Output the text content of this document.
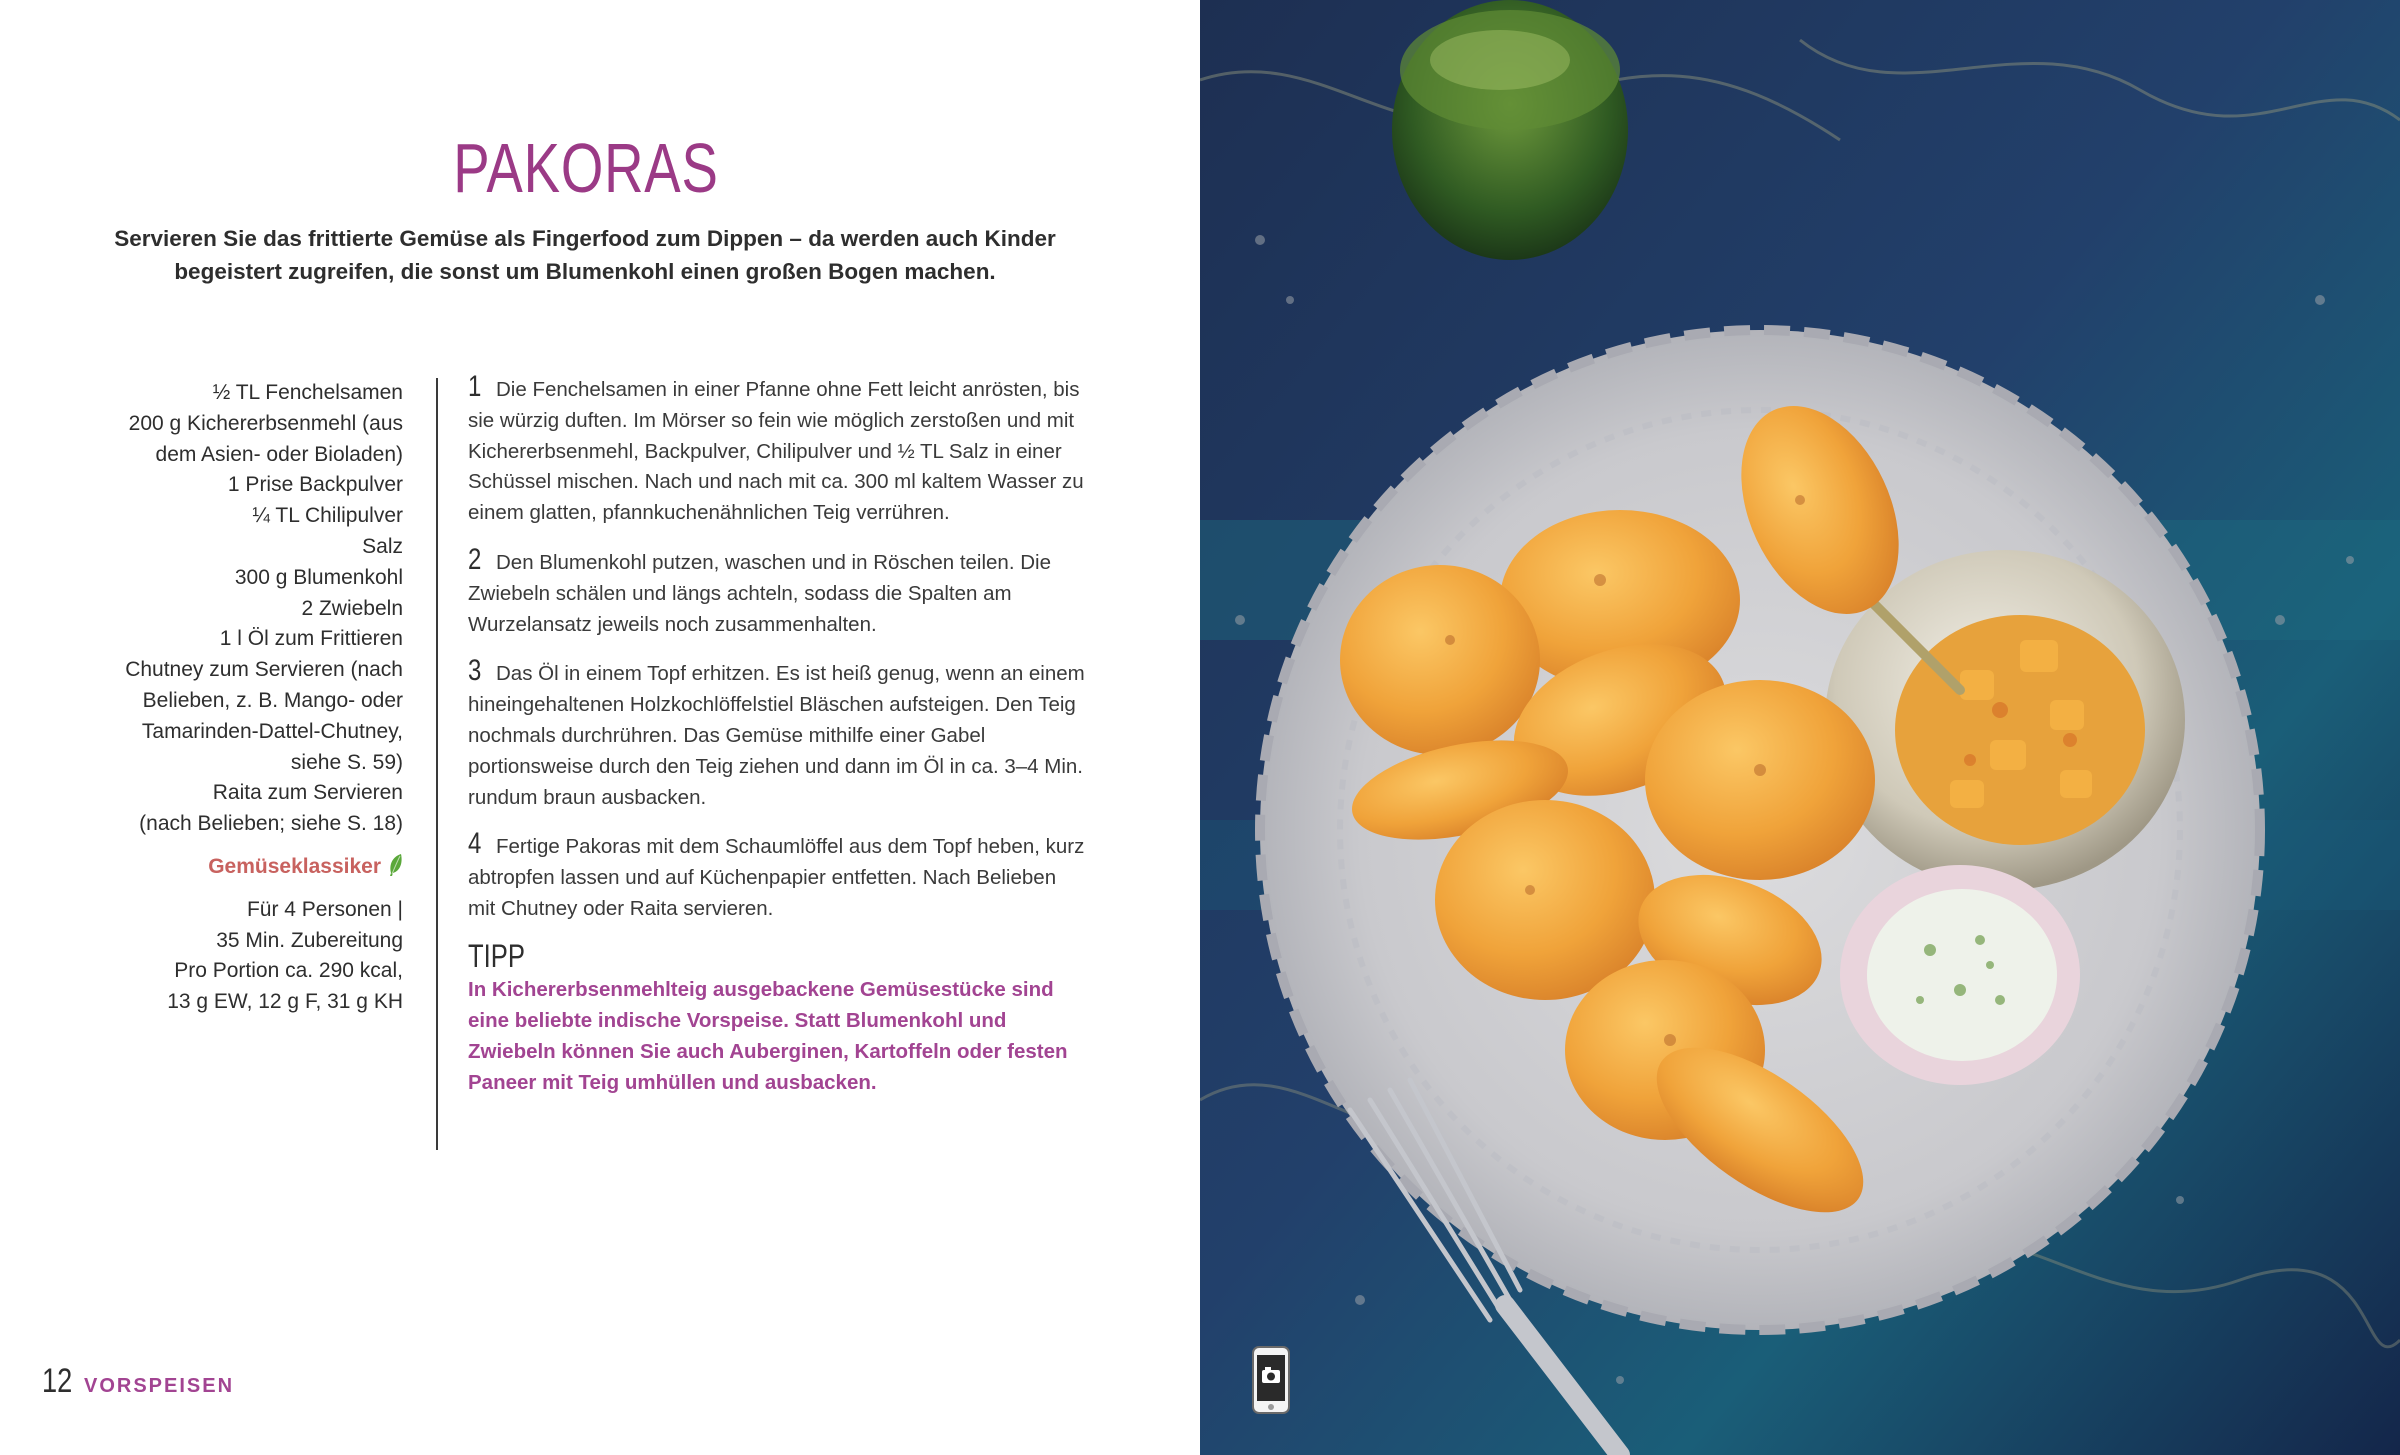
PAKORAS

Servieren Sie das frittierte Gemüse als Fingerfood zum Dippen – da werden auch Kinder begeistert zugreifen, die sonst um Blumenkohl einen großen Bogen machen.

½ TL Fenchelsamen
200 g Kichererbsenmehl (aus
dem Asien- oder Bioladen)
1 Prise Backpulver
¼ TL Chilipulver
Salz
300 g Blumenkohl
2 Zwiebeln
1 l Öl zum Frittieren
Chutney zum Servieren (nach
Belieben, z. B. Mango- oder
Tamarinden-Dattel-Chutney,
siehe S. 59)
Raita zum Servieren
(nach Belieben; siehe S. 18)
Gemüseklassiker
Für 4 Personen |
35 Min. Zubereitung
Pro Portion ca. 290 kcal,
13 g EW, 12 g F, 31 g KH

1 Die Fenchelsamen in einer Pfanne ohne Fett leicht anrösten, bis sie würzig duften. Im Mörser so fein wie möglich zerstoßen und mit Kichererbsenmehl, Backpulver, Chilipulver und ½ TL Salz in einer Schüssel mischen. Nach und nach mit ca. 300 ml kaltem Wasser zu einem glatten, pfannkuchenähnlichen Teig verrühren.

2 Den Blumenkohl putzen, waschen und in Röschen teilen. Die Zwiebeln schälen und längs achteln, sodass die Spalten am Wurzelansatz jeweils noch zusammenhalten.

3 Das Öl in einem Topf erhitzen. Es ist heiß genug, wenn an einem hineingehaltenen Holzkochlöffelstiel Bläschen aufsteigen. Den Teig nochmals durchrühren. Das Gemüse mithilfe einer Gabel portionsweise durch den Teig ziehen und dann im Öl in ca. 3–4 Min. rundum braun ausbacken.

4 Fertige Pakoras mit dem Schaumlöffel aus dem Topf heben, kurz abtropfen lassen und auf Küchenpapier entfetten. Nach Belieben mit Chutney oder Raita servieren.

TIPP

In Kichererbsenmehlteig ausgebackene Gemüsestücke sind eine beliebte indische Vorspeise. Statt Blumenkohl und Zwiebeln können Sie auch Auberginen, Kartoffeln oder festen Paneer mit Teig umhüllen und ausbacken.

12 VORSPEISEN
